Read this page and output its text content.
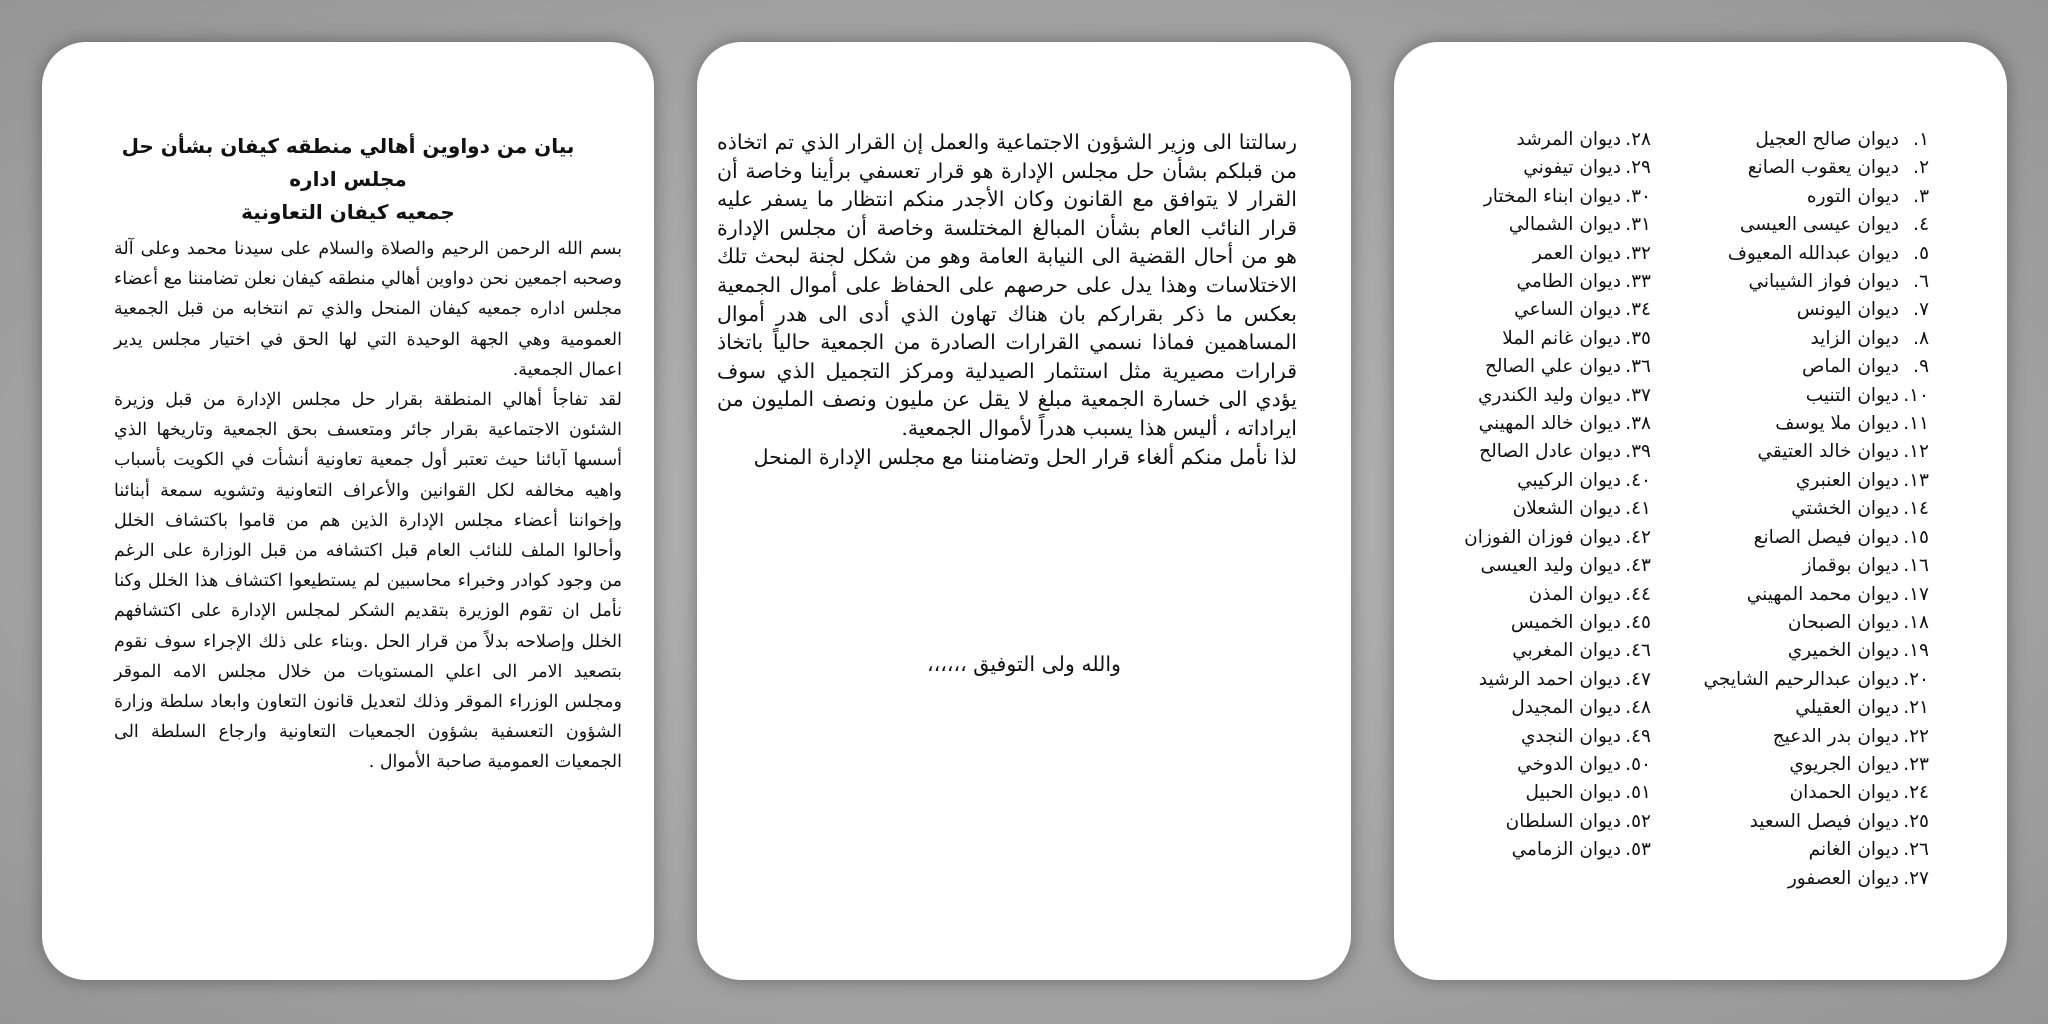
بيان من دواوين أهالي منطقه كيفان بشأن حل مجلس اداره
جمعيه كيفان التعاونية

بسم الله الرحمن الرحيم والصلاة والسلام على سيدنا محمد وعلى آلة وصحبه اجمعين نحن دواوين أهالي منطقه كيفان نعلن تضامننا مع أعضاء مجلس اداره جمعيه كيفان المنحل والذي تم انتخابه من قبل الجمعية العمومية وهي الجهة الوحيدة التي لها الحق في اختيار مجلس يدير اعمال الجمعية.

لقد تفاجأ أهالي المنطقة بقرار حل مجلس الإدارة من قبل وزيرة الشئون الاجتماعية بقرار جائر ومتعسف بحق الجمعية وتاريخها الذي أسسها آبائنا حيث تعتبر أول جمعية تعاونية أنشأت في الكويت بأسباب واهيه مخالفه لكل القوانين والأعراف التعاونية وتشويه سمعة أبنائنا وإخواننا أعضاء مجلس الإدارة الذين هم من قاموا باكتشاف الخلل وأحالوا الملف للنائب العام قبل اكتشافه من قبل الوزارة على الرغم من وجود كوادر وخبراء محاسبين لم يستطيعوا اكتشاف هذا الخلل وكنا نأمل ان تقوم الوزيرة بتقديم الشكر لمجلس الإدارة على اكتشافهم الخلل وإصلاحه بدلاً من قرار الحل .وبناء على ذلك الإجراء سوف نقوم بتصعيد الامر الى اعلي المستويات من خلال مجلس الامه الموقر ومجلس الوزراء الموقر وذلك لتعديل قانون التعاون وابعاد سلطة وزارة الشؤون التعسفية بشؤون الجمعيات التعاونية وارجاع السلطة الى الجمعيات العمومية صاحبة الأموال .

رسالتنا الى وزير الشؤون الاجتماعية والعمل إن القرار الذي تم اتخاذه من قبلكم بشأن حل مجلس الإدارة هو قرار تعسفي برأينا وخاصة أن القرار لا يتوافق مع القانون وكان الأجدر منكم انتظار ما يسفر عليه قرار النائب العام بشأن المبالغ المختلسة وخاصة أن مجلس الإدارة هو من أحال القضية الى النيابة العامة وهو من شكل لجنة لبحث تلك الاختلاسات وهذا يدل على حرصهم على الحفاظ على أموال الجمعية بعكس ما ذكر بقراركم بان هناك تهاون الذي أدى الى هدر أموال المساهمين فماذا نسمي القرارات الصادرة من الجمعية حالياً باتخاذ قرارات مصيرية مثل استثمار الصيدلية ومركز التجميل الذي سوف يؤدي الى خسارة الجمعية مبلغ لا يقل عن مليون ونصف المليون من ايراداته ، أليس هذا يسبب هدراً لأموال الجمعية.

لذا نأمل منكم ألغاء قرار الحل وتضامننا مع مجلس الإدارة المنحل

والله ولى التوفيق ،،،،،،

١.ديوان صالح العجيل
٢.ديوان يعقوب الصانع
٣.ديوان التوره
٤.ديوان عيسى العيسى
٥.ديوان عبدالله المعيوف
٦.ديوان فواز الشيباني
٧.ديوان اليونس
٨.ديوان الزايد
٩.ديوان الماص
١٠.ديوان التنيب
١١.ديوان ملا يوسف
١٢.ديوان خالد العتيقي
١٣.ديوان العنبري
١٤.ديوان الخشتي
١٥.ديوان فيصل الصانع
١٦.ديوان بوقماز
١٧.ديوان محمد المهيني
١٨.ديوان الصبحان
١٩.ديوان الخميري
٢٠.ديوان عبدالرحيم الشايجي
٢١.ديوان العقيلي
٢٢.ديوان بدر الدعيج
٢٣.ديوان الجريوي
٢٤.ديوان الحمدان
٢٥.ديوان فيصل السعيد
٢٦.ديوان الغانم
٢٧.ديوان العصفور
٢٨.ديوان المرشد
٢٩.ديوان تيفوني
٣٠.ديوان ابناء المختار
٣١.ديوان الشمالي
٣٢.ديوان العمر
٣٣.ديوان الطامي
٣٤.ديوان الساعي
٣٥.ديوان غانم الملا
٣٦.ديوان علي الصالح
٣٧.ديوان وليد الكندري
٣٨.ديوان خالد المهيني
٣٩.ديوان عادل الصالح
٤٠.ديوان الركيبي
٤١.ديوان الشعلان
٤٢.ديوان فوزان الفوزان
٤٣.ديوان وليد العيسى
٤٤.ديوان المذن
٤٥.ديوان الخميس
٤٦.ديوان المغربي
٤٧.ديوان احمد الرشيد
٤٨.ديوان المجيدل
٤٩.ديوان النجدي
٥٠.ديوان الدوخي
٥١.ديوان الحبيل
٥٢.ديوان السلطان
٥٣.ديوان الزمامي
